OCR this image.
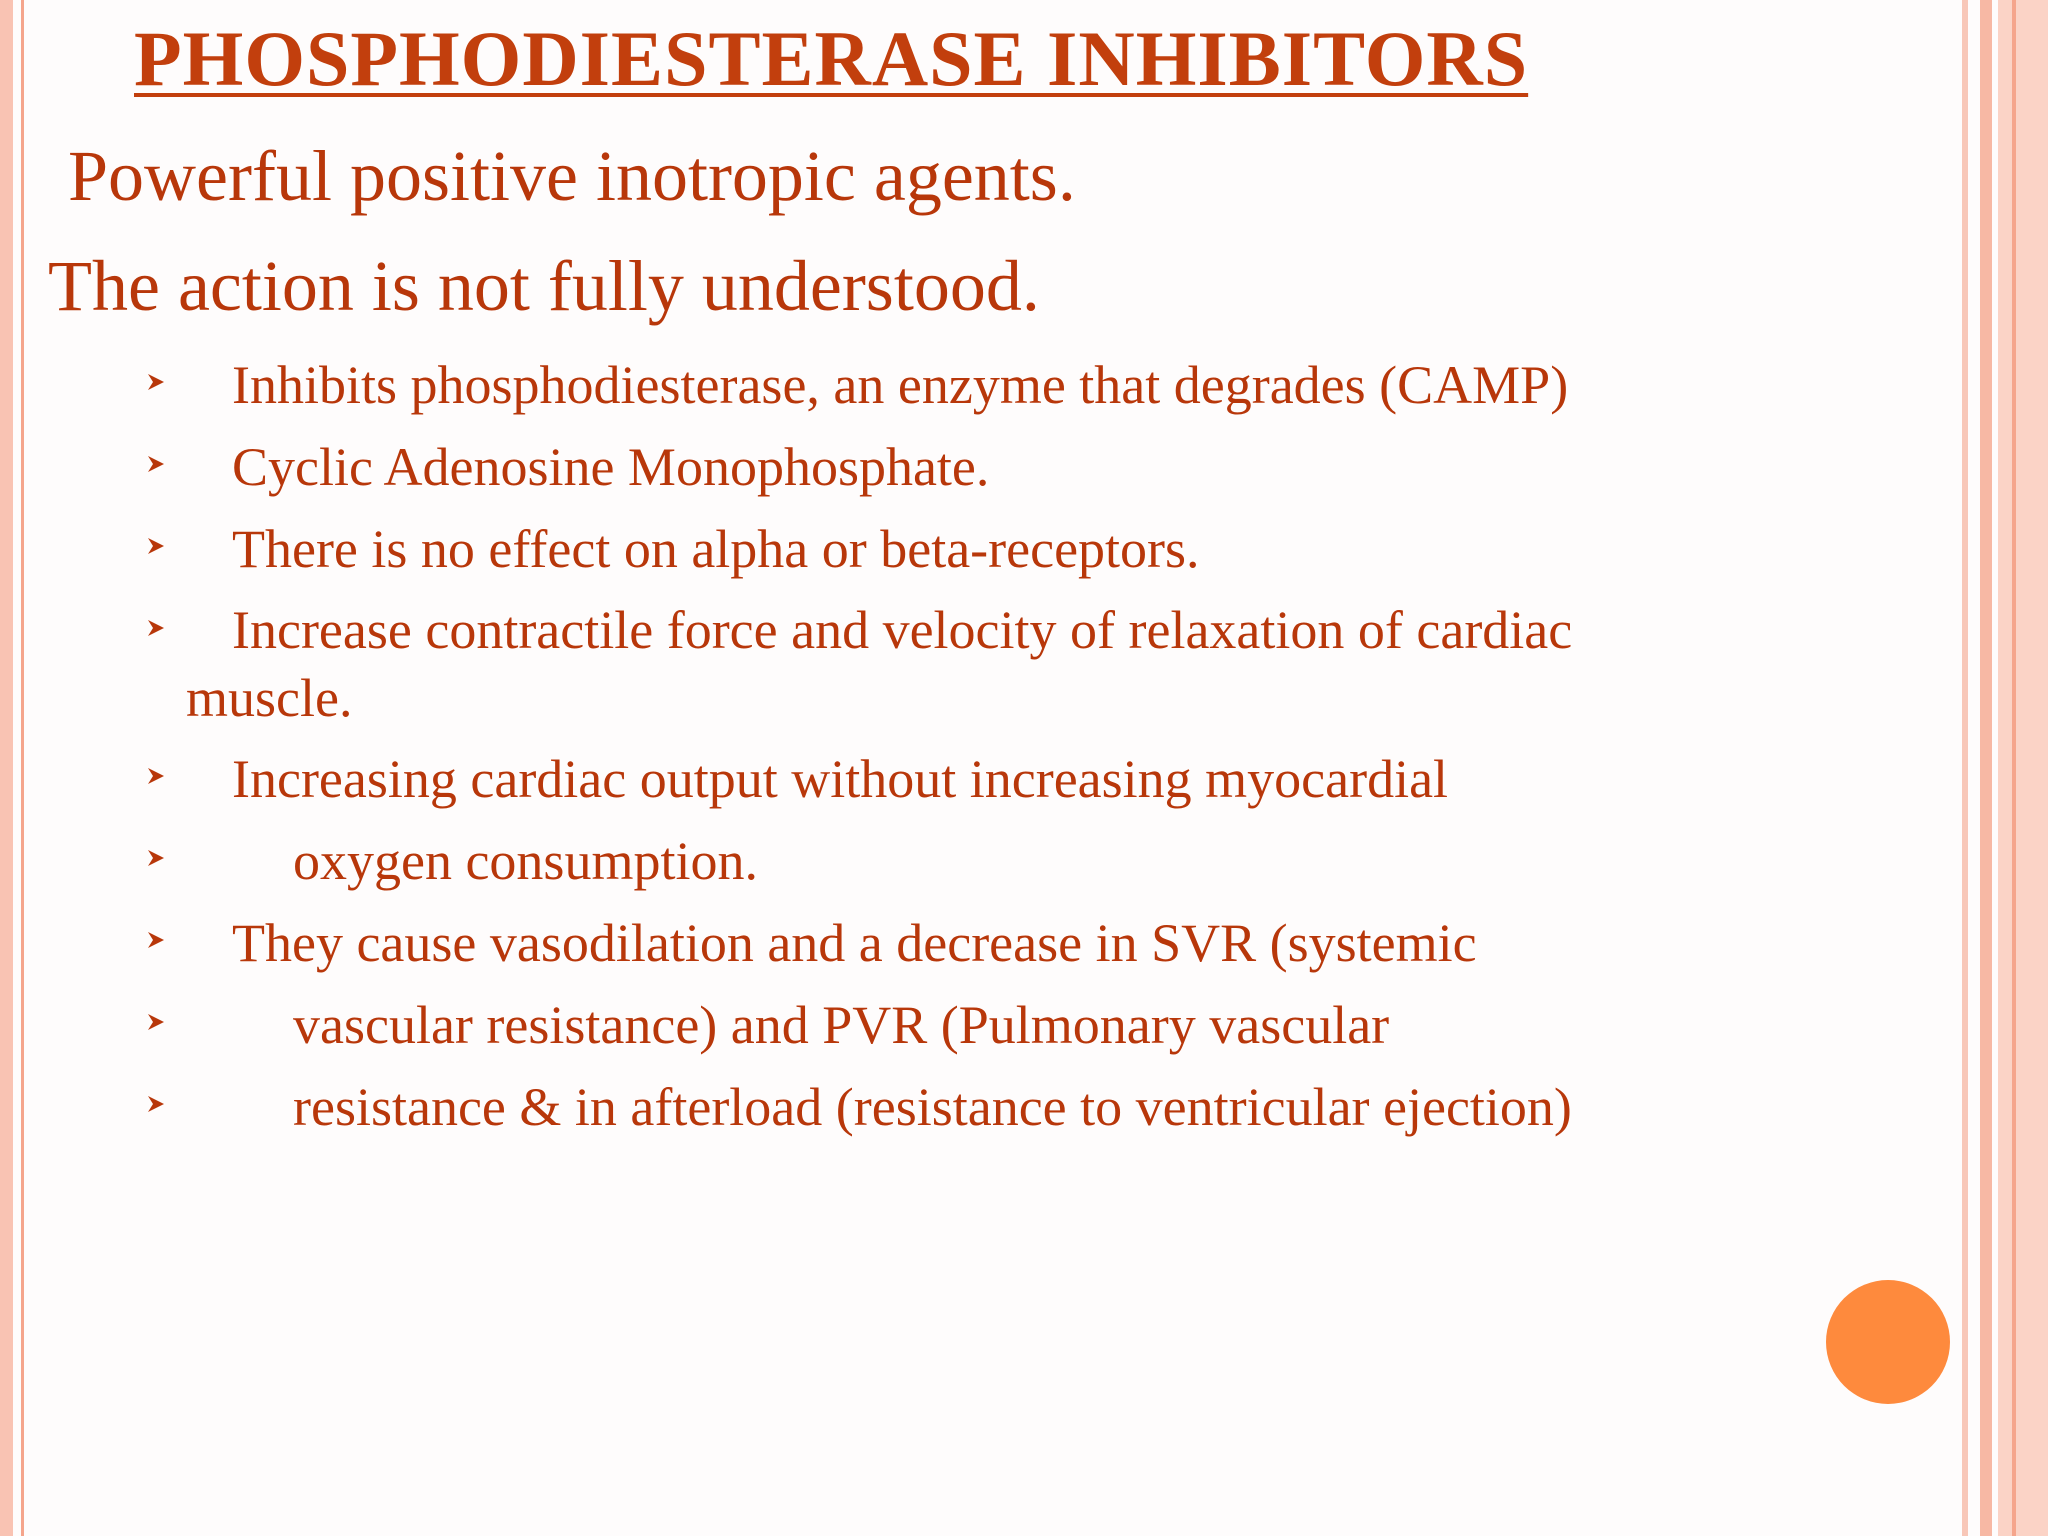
PHOSPHODIESTERASE INHIBITORS

Powerful positive inotropic agents.

The action is not fully understood.

Inhibits phosphodiesterase, an enzyme that degrades (CAMP)
Cyclic Adenosine Monophosphate.
There is no effect on alpha or beta-receptors.
Increase contractile force and velocity of relaxation of cardiac
muscle.
Increasing cardiac output without increasing myocardial
oxygen consumption.
They cause vasodilation and a decrease in SVR (systemic
vascular resistance) and PVR (Pulmonary vascular
resistance & in afterload (resistance to ventricular ejection)
